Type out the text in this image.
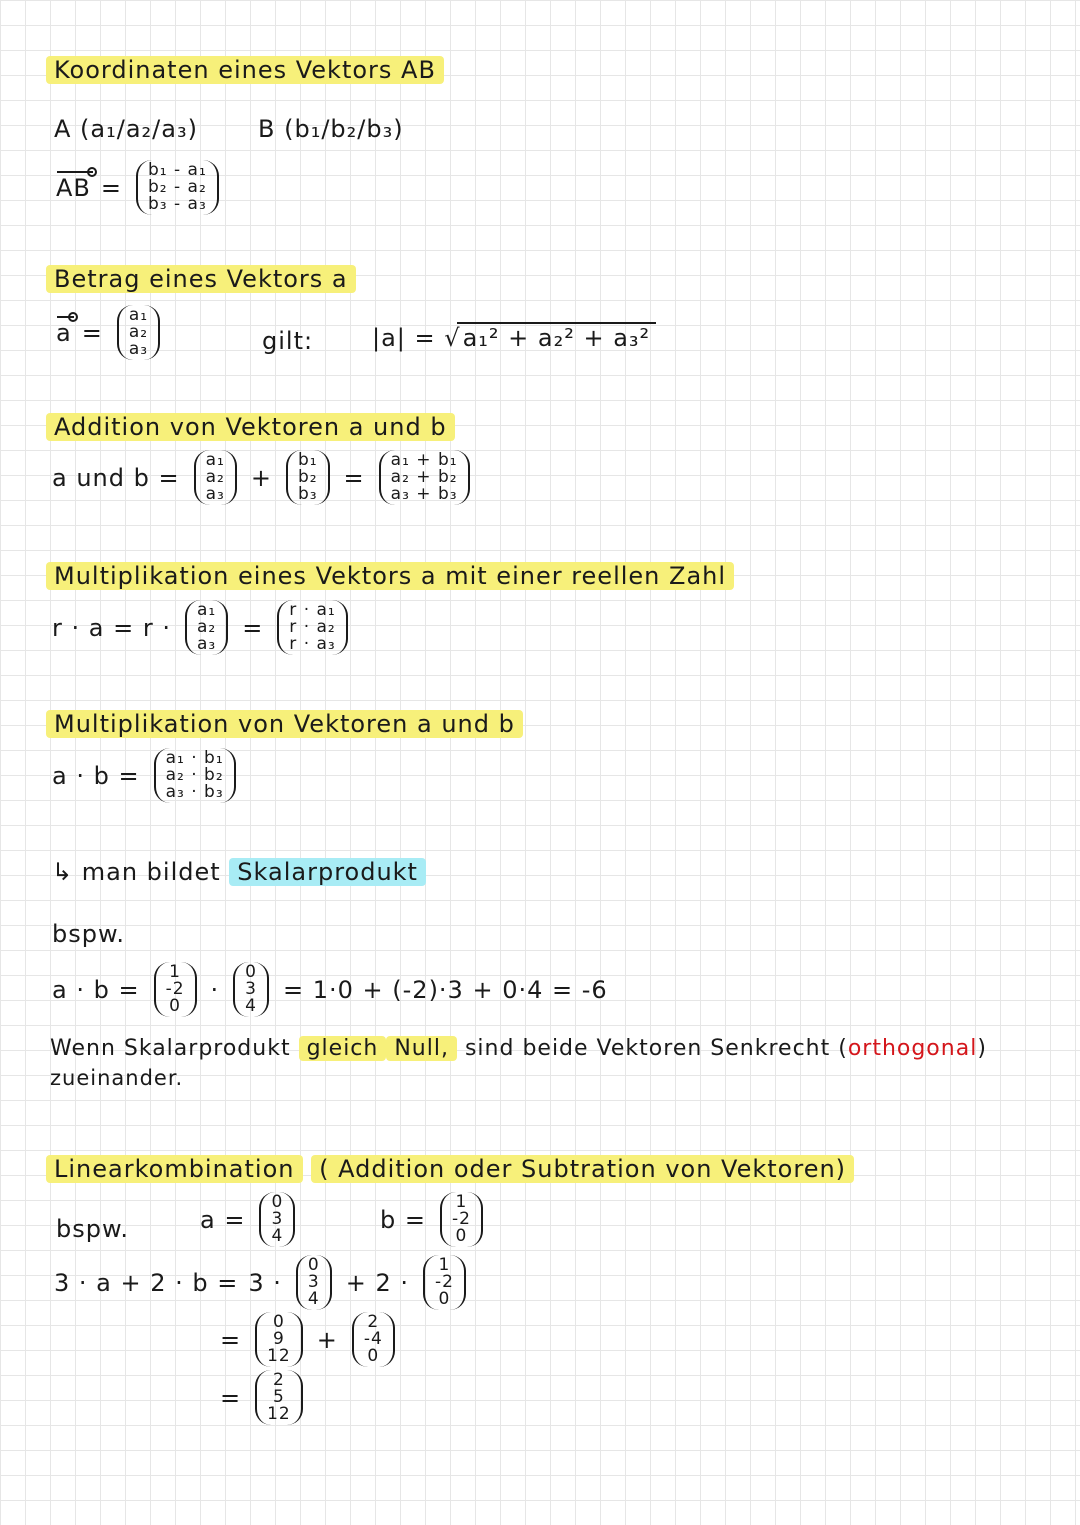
Koordinaten eines Vektors AB
A (a₁/a₂/a₃)	B (b₁/b₂/b₃)
AB =
b₁ - a₁
b₂ - a₂
b₃ - a₃
Betrag eines Vektors a
a =
a₁
a₂
a₃	gilt: |a| = √a₁² + a₂² + a₃²
Addition von Vektoren a und b
a und b =
a₁
a₂
a₃
+
b₁
b₂
b₃
=
a₁ + b₁
a₂ + b₂
a₃ + b₃
Multiplikation eines Vektors a mit einer reellen Zahl
r · a = r ·
a₁
a₂
a₃
=
r · a₁
r · a₂
r · a₃
Multiplikation von Vektoren a und b
a · b =
a₁ · b₁
a₂ · b₂
a₃ · b₃
↳ man bildet Skalarprodukt
bspw.
a · b =
1
-2
0
·
0
3
4
= 1·0 + (-2)·3 + 0·4 = -6
Wenn Skalarprodukt gleich Null, sind beide Vektoren Senkrecht (orthogonal)
zueinander.
Linearkombination ( Addition oder Subtration von Vektoren)
bspw.	a =
0
3
4
b =
1
-2
0
3 · a + 2 · b = 3 ·
0
3
4
+ 2 ·
1
-2
0
=
0
9
12
+
2
-4
0
=
2
5
12
